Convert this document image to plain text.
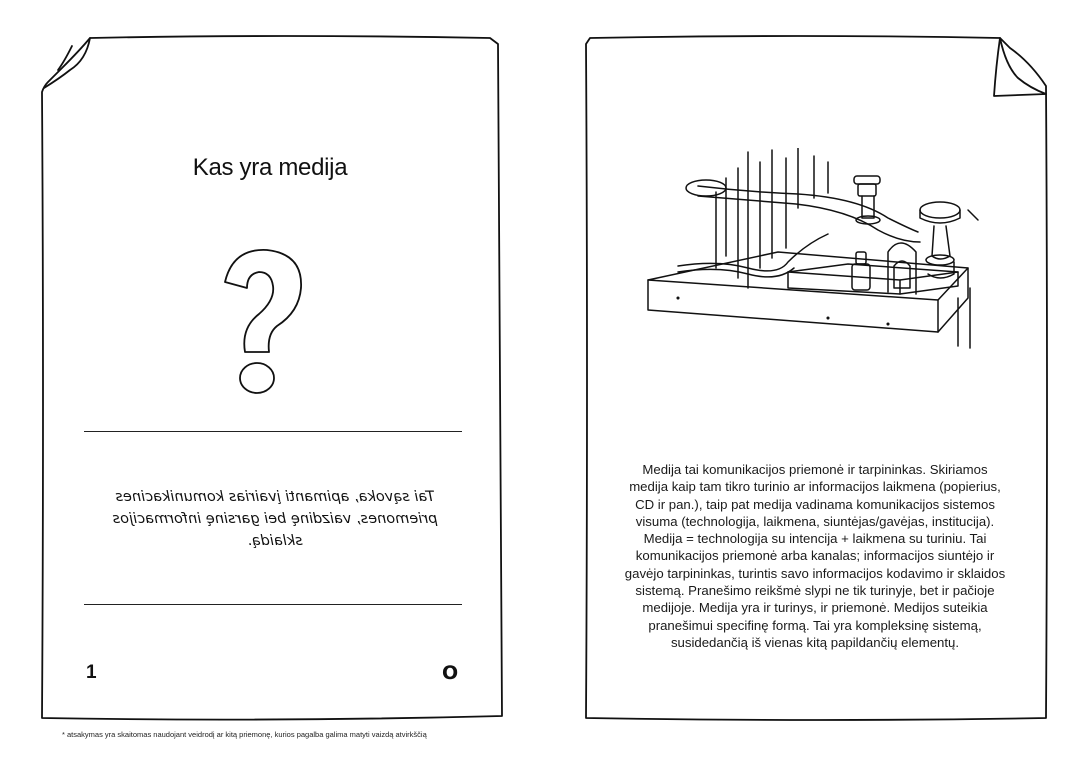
Kas yra medija
Tai sąvoka, apimanti įvairias komunikacines priemones, vaizdinę bei garsinę informacijos sklaidą.
1	O
* atsakymas yra skaitomas naudojant veidrodį ar kitą priemonę, kurios pagalba galima matyti vaizdą atvirkščią
Medija tai komunikacijos priemonė ir tarpininkas. Skiriamos medija kaip tam tikro turinio ar informacijos laikmena (popierius, CD ir pan.), taip pat medija vadinama komunikacijos sistemos visuma (technologija, laikmena, siuntėjas/gavėjas, institucija). Medija = technologija su intencija + laikmena su turiniu. Tai komunikacijos priemonė arba kanalas; informacijos siuntėjo ir gavėjo tarpininkas, turintis savo informacijos kodavimo ir sklaidos sistemą. Pranešimo reikšmė slypi ne tik turinyje, bet ir pačioje medijoje. Medija yra ir turinys, ir priemonė. Medijos suteikia pranešimui specifinę formą. Tai yra kompleksinę sistemą, susidedančią iš vienas kitą papildančių elementų.
